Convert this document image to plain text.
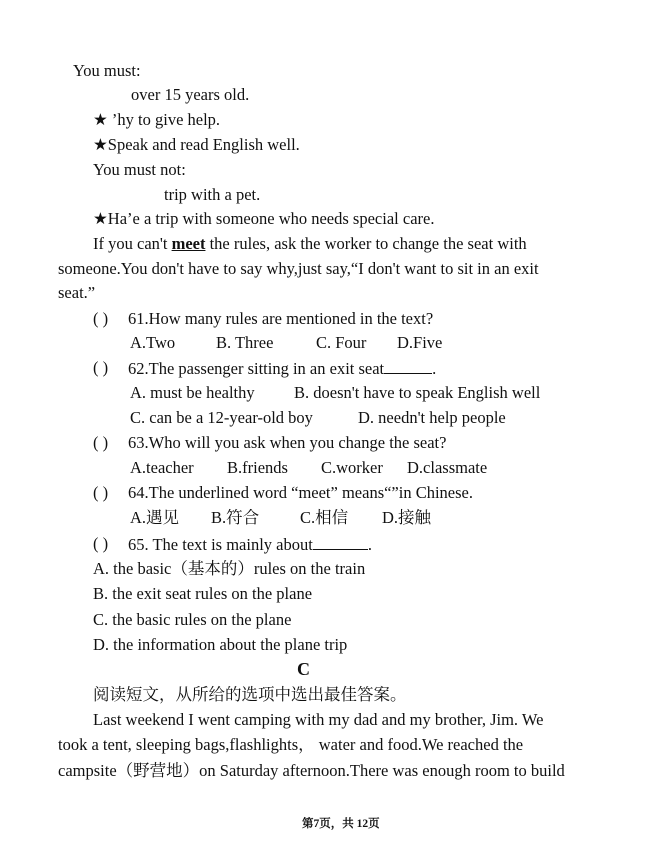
You must:
over 15 years old.
★ ’hy to give help.
★Speak and read English well.
You must not:
trip with a pet.
★Ha’e a trip with someone who needs special care.
If you can't meet the rules, ask the worker to change the seat with
someone.You don't have to say why,just say,“I don't want to sit in an exit
seat.”
( ) 61.How many rules are mentioned in the text?
A.Two B. Three	C. Four D.Five
( ) 62.The passenger sitting in an exit seat	.
A. must be healthy B. doesn't have to speak English well
C. can be a 12-year-old boy	D. needn't help people
( ) 63.Who will you ask when you change the seat?
A.teacher B.friends C.worker D.classmate
( ) 64.The underlined word “meet” means“”in Chinese.
A.遇见 B.符合 C.相信 D.接触
( ) 65. The text is mainly about	.
A. the basic（基本的）rules on the train
B. the exit seat rules on the plane
C. the basic rules on the plane
D. the information about the plane trip
C
阅读短文，从所给的选项中选出最佳答案。
Last weekend I went camping with my dad and my brother, Jim. We
took a tent, sleeping bags,flashlights， water and food.We reached the
campsite（野营地）on Saturday afternoon.There was enough room to build
第7页，共 12页
